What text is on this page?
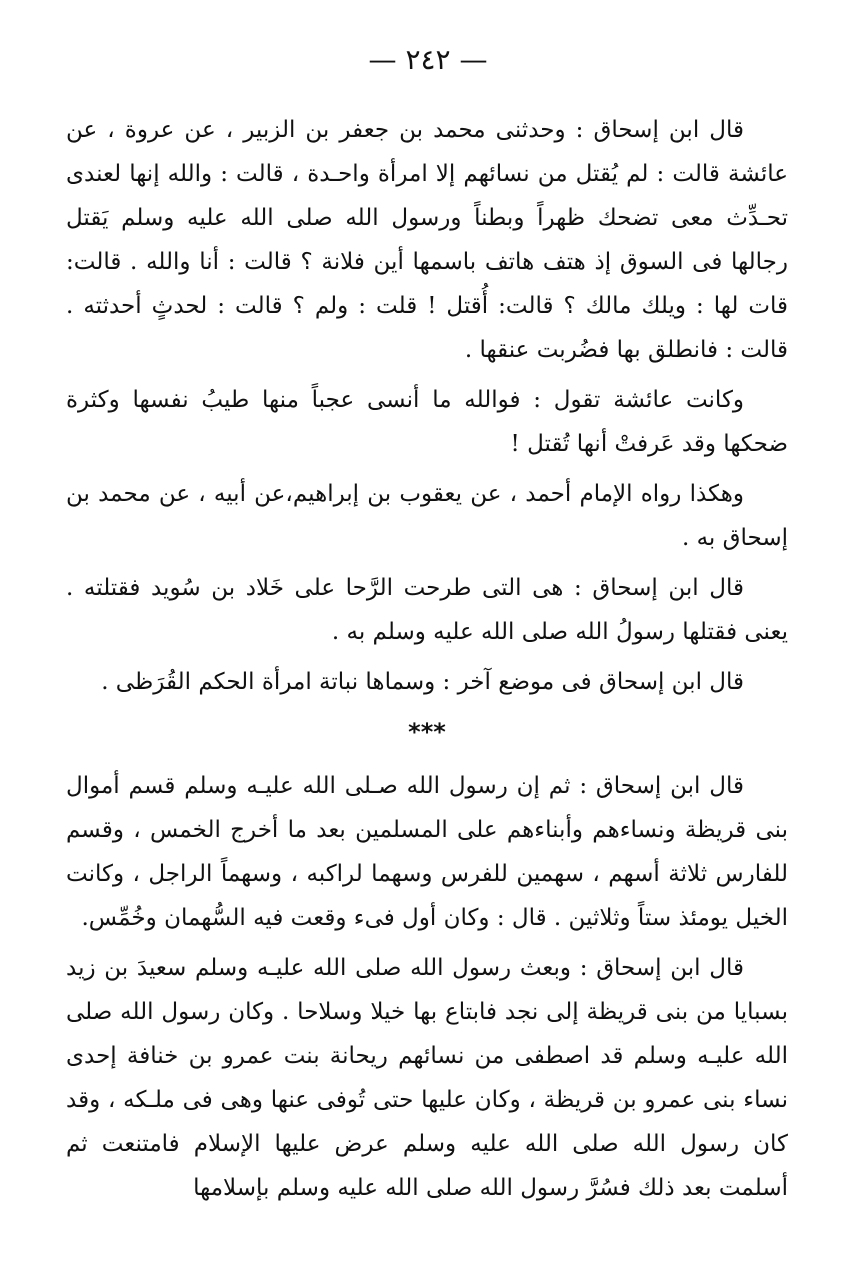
— ٢٤٢ —

قال ابن إسحاق : وحدثنى محمد بن جعفر بن الزبير ، عن عروة ، عن عائشة قالت : لم يُقتل من نسائهم إلا امرأة واحـدة ، قالت : والله إنها لعندى تحـدِّث معى تضحك ظهراً وبطناً ورسول الله صلى الله عليه وسلم يَقتل رجالها فى السوق إذ هتف هاتف باسمها أين فلانة ؟ قالت : أنا والله . قالت: قات لها : ويلك مالك ؟ قالت: أُقتل ! قلت : ولم ؟ قالت : لحدثٍ أحدثته . قالت : فانطلق بها فضُربت عنقها .

وكانت عائشة تقول : فوالله ما أنسى عجباً منها طيبُ نفسها وكثرة ضحكها وقد عَرفتْ أنها تُقتل !

وهكذا رواه الإمام أحمد ، عن يعقوب بن إبراهيم،عن أبيه ، عن محمد بن إسحاق به .

قال ابن إسحاق : هى التى طرحت الرَّحا على خَلاد بن سُويد فقتلته . يعنى فقتلها رسولُ الله صلى الله عليه وسلم به .

قال ابن إسحاق فى موضع آخر : وسماها نباتة امرأة الحكم القُرَظى .

***

قال ابن إسحاق : ثم إن رسول الله صـلى الله عليـه وسلم قسم أموال بنى قريظة ونساءهم وأبناءهم على المسلمين بعد ما أخرج الخمس ، وقسم للفارس ثلاثة أسهم ، سهمين للفرس وسهما لراكبه ، وسهماً الراجل ، وكانت الخيل يومئذ ستاً وثلاثين . قال : وكان أول فىء وقعت فيه السُّهمان وخُمِّس.

قال ابن إسحاق : وبعث رسول الله صلى الله عليـه وسلم سعيدَ بن زيد بسبايا من بنى قريظة إلى نجد فابتاع بها خيلا وسلاحا . وكان رسول الله صلى الله عليـه وسلم قد اصطفى من نسائهم ريحانة بنت عمرو بن خنافة إحدى نساء بنى عمرو بن قريظة ، وكان عليها حتى تُوفى عنها وهى فى ملـكه ، وقد كان رسول الله صلى الله عليه وسلم عرض عليها الإسلام فامتنعت ثم أسلمت بعد ذلك فسُرَّ رسول الله صلى الله عليه وسلم بإسلامها
